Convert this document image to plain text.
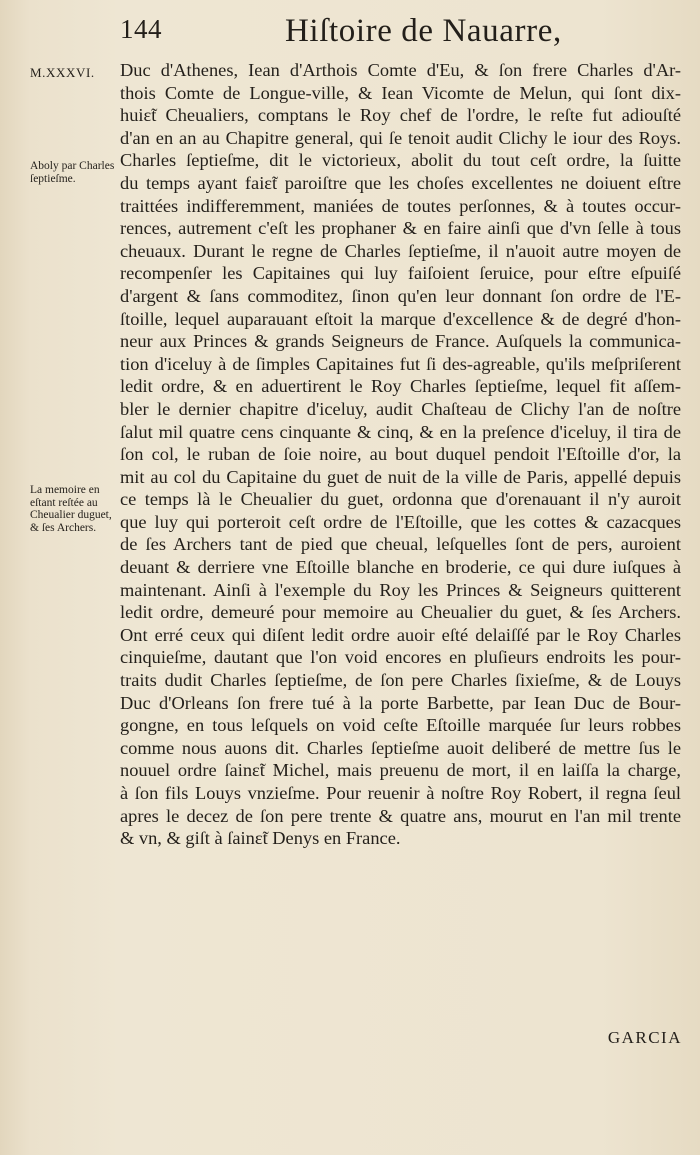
144	Hiſtoire de Nauarre,
M.XXXVI.
Aboly par Charles
ſeptieſme.
La memoire en
eſtant reſtée au
Cheualier duguet,
& ſes Archers.
Duc d'Athenes, Iean d'Arthois Comte d'Eu, & ſon frere Charles d'Ar-
thois Comte de Longue-ville, & Iean Vicomte de Melun, qui ſont dix-
huiɛ̃t Cheualiers, comptans le Roy chef de l'ordre, le reſte fut adiouſté
d'an en an au Chapitre general, qui ſe tenoit audit Clichy le iour des Roys.
Charles ſeptieſme, dit le victorieux, abolit du tout ceſt ordre, la ſuitte
du temps ayant faiɛ̃t paroiſtre que les choſes excellentes ne doiuent eſtre
traittées indifferemment, maniées de toutes perſonnes, & à toutes occur-
rences, autrement c'eſt les prophaner & en faire ainſi que d'vn ſelle à tous
cheuaux. Durant le regne de Charles ſeptieſme, il n'auoit autre moyen de
recompenſer les Capitaines qui luy faiſoient ſeruice, pour eſtre eſpuiſé
d'argent & ſans commoditez, ſinon qu'en leur donnant ſon ordre de l'E-
ſtoille, lequel auparauant eſtoit la marque d'excellence & de degré d'hon-
neur aux Princes & grands Seigneurs de France. Auſquels la communica-
tion d'iceluy à de ſimples Capitaines fut ſi des-agreable, qu'ils meſpriſerent
ledit ordre, & en aduertirent le Roy Charles ſeptieſme, lequel fit aſſem-
bler le dernier chapitre d'iceluy, audit Chaſteau de Clichy l'an de noſtre
ſalut mil quatre cens cinquante & cinq, & en la preſence d'iceluy, il tira de
ſon col, le ruban de ſoie noire, au bout duquel pendoit l'Eſtoille d'or, la
mit au col du Capitaine du guet de nuit de la ville de Paris, appellé depuis
ce temps là le Cheualier du guet, ordonna que d'orenauant il n'y auroit
que luy qui porteroit ceſt ordre de l'Eſtoille, que les cottes & cazacques
de ſes Archers tant de pied que cheual, leſquelles ſont de pers, auroient
deuant & derriere vne Eſtoille blanche en broderie, ce qui dure iuſques à
maintenant. Ainſi à l'exemple du Roy les Princes & Seigneurs quitterent
ledit ordre, demeuré pour memoire au Cheualier du guet, & ſes Archers.
Ont erré ceux qui diſent ledit ordre auoir eſté delaiſſé par le Roy Charles
cinquieſme, dautant que l'on void encores en pluſieurs endroits les pour-
traits dudit Charles ſeptieſme, de ſon pere Charles ſixieſme, & de Louys
Duc d'Orleans ſon frere tué à la porte Barbette, par Iean Duc de Bour-
gongne, en tous leſquels on void ceſte Eſtoille marquée ſur leurs robbes
comme nous auons dit. Charles ſeptieſme auoit deliberé de mettre ſus le
nouuel ordre ſainɛ̃t Michel, mais preuenu de mort, il en laiſſa la charge,
à ſon fils Louys vnzieſme. Pour reuenir à noſtre Roy Robert, il regna ſeul
apres le decez de ſon pere trente & quatre ans, mourut en l'an mil trente
& vn, & giſt à ſainɛ̃t Denys en France.
GARCIA
